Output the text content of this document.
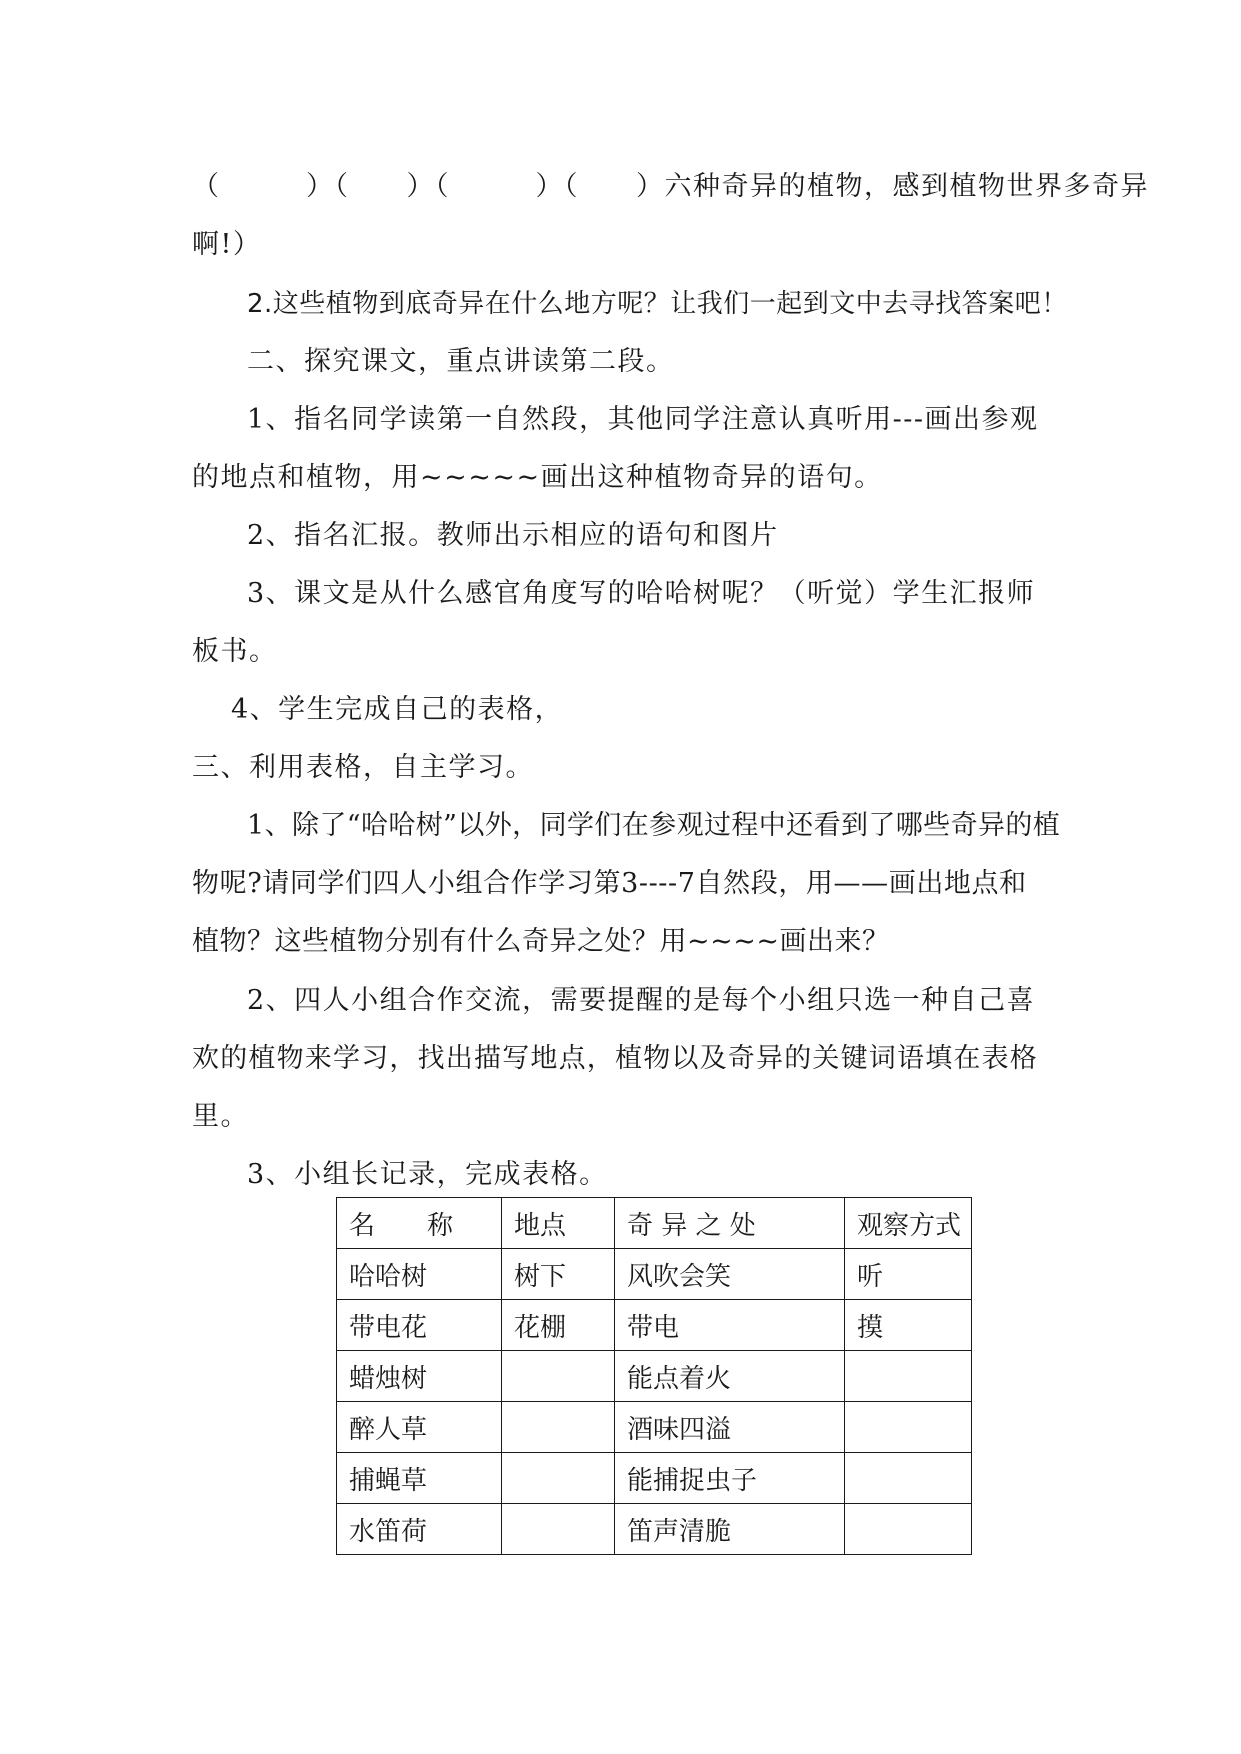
（　　　）（　　）（　　　）（　　）六种奇异的植物，感到植物世界多奇异
啊!）
2.这些植物到底奇异在什么地方呢？让我们一起到文中去寻找答案吧！
二、探究课文，重点讲读第二段。
1、指名同学读第一自然段，其他同学注意认真听用---画出参观
的地点和植物，用~~~~~画出这种植物奇异的语句。
2、指名汇报。教师出示相应的语句和图片
3、课文是从什么感官角度写的哈哈树呢？（听觉）学生汇报师
板书。
4、学生完成自己的表格，
三、利用表格，自主学习。
1、除了“哈哈树”以外，同学们在参观过程中还看到了哪些奇异的植
物呢?请同学们四人小组合作学习第3----7自然段，用——画出地点和
植物？这些植物分别有什么奇异之处？用~~~~画出来？
2、四人小组合作交流，需要提醒的是每个小组只选一种自己喜
欢的植物来学习，找出描写地点，植物以及奇异的关键词语填在表格
里。
3、小组长记录，完成表格。
名　　称	地点	奇 异 之 处	观察方式
哈哈树	树下	风吹会笑	听
带电花	花棚	带电	摸
蜡烛树		能点着火	
醉人草		酒味四溢	
捕蝇草		能捕捉虫子	
水笛荷		笛声清脆	
